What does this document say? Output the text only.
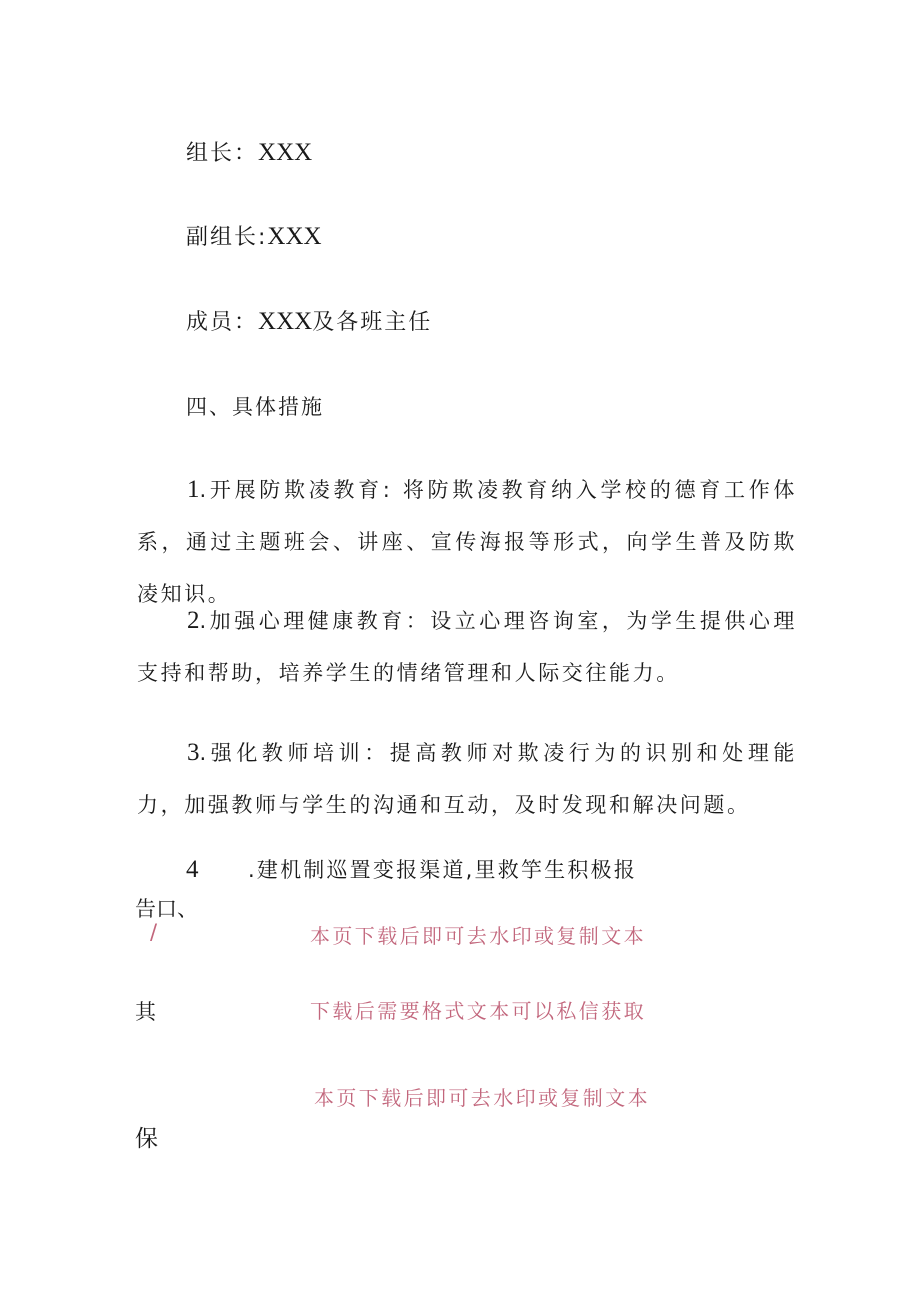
组长：XXX
副组长:XXX
成员：XXX及各班主任
四、具体措施
1.开展防欺凌教育: 将防欺凌教育纳入学校的德育工作体系，通过主题班会、讲座、宣传海报等形式，向学生普及防欺凌知识。
2.加强心理健康教育：设立心理咨询室，为学生提供心理支持和帮助，培养学生的情绪管理和人际交往能力。
3.强化教师培训：提高教师对欺凌行为的识别和处理能力，加强教师与学生的沟通和互动，及时发现和解决问题。
4 .建机制巡置变报渠道,里救竽生积极报
告口、
/	本页下载后即可去水印或复制文本
其	下载后需要格式文本可以私信获取
本页下载后即可去水印或复制文本
保
